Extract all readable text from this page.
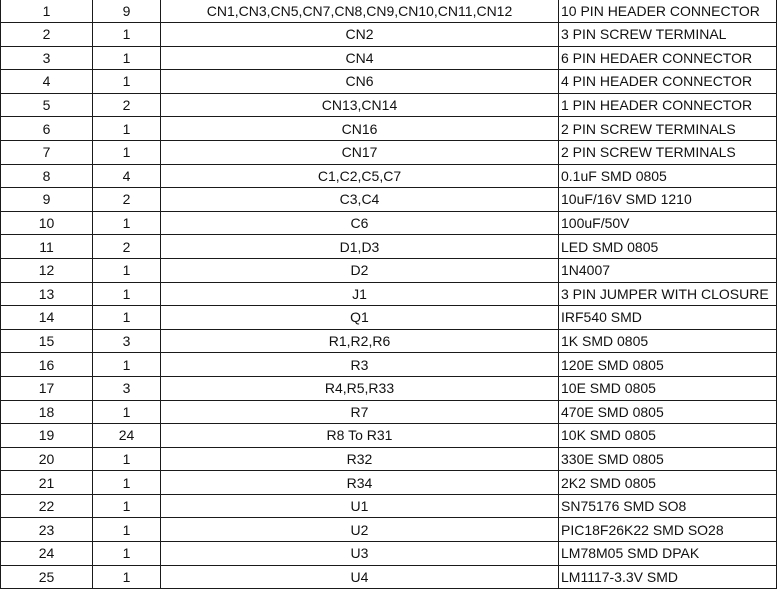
1	9	CN1,CN3,CN5,CN7,CN8,CN9,CN10,CN11,CN12	10 PIN HEADER CONNECTOR
2	1	CN2	3 PIN SCREW TERMINAL
3	1	CN4	6 PIN HEDAER CONNECTOR
4	1	CN6	4 PIN HEADER CONNECTOR
5	2	CN13,CN14	1 PIN HEADER CONNECTOR
6	1	CN16	2 PIN SCREW TERMINALS
7	1	CN17	2 PIN SCREW TERMINALS
8	4	C1,C2,C5,C7	0.1uF SMD 0805
9	2	C3,C4	10uF/16V SMD 1210
10	1	C6	100uF/50V
11	2	D1,D3	LED SMD 0805
12	1	D2	1N4007
13	1	J1	3 PIN JUMPER WITH CLOSURE
14	1	Q1	IRF540 SMD
15	3	R1,R2,R6	1K SMD 0805
16	1	R3	120E SMD 0805
17	3	R4,R5,R33	10E SMD 0805
18	1	R7	470E SMD 0805
19	24	R8 To R31	10K SMD 0805
20	1	R32	330E SMD 0805
21	1	R34	2K2 SMD 0805
22	1	U1	SN75176 SMD SO8
23	1	U2	PIC18F26K22 SMD SO28
24	1	U3	LM78M05 SMD DPAK
25	1	U4	LM1117-3.3V SMD
